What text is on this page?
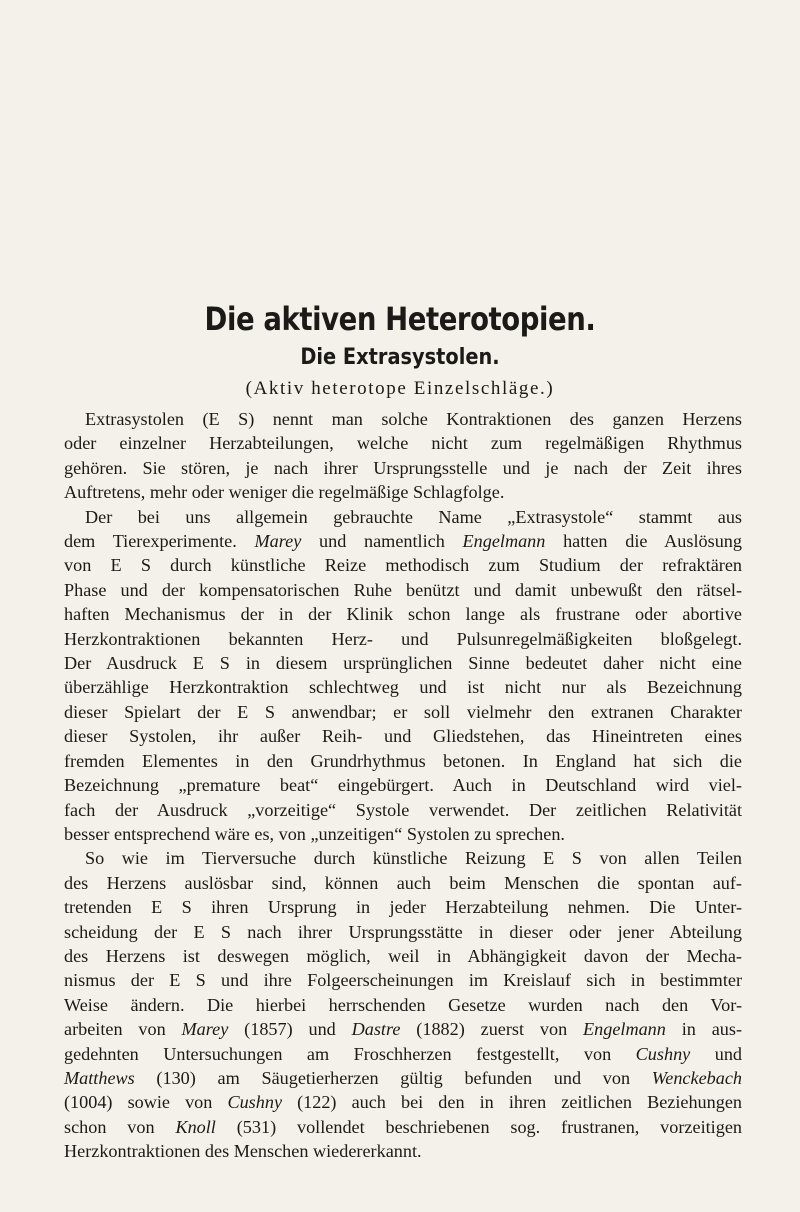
Die aktiven Heterotopien.
Die Extrasystolen.
(Aktiv heterotope Einzelschläge.)
Extrasystolen (E S) nennt man solche Kontraktionen des ganzen Herzens
oder einzelner Herzabteilungen, welche nicht zum regelmäßigen Rhythmus
gehören. Sie stören, je nach ihrer Ursprungsstelle und je nach der Zeit ihres
Auftretens, mehr oder weniger die regelmäßige Schlagfolge.
Der bei uns allgemein gebrauchte Name „Extrasystole“ stammt aus
dem Tierexperimente. Marey und namentlich Engelmann hatten die Auslösung
von E S durch künstliche Reize methodisch zum Studium der refraktären
Phase und der kompensatorischen Ruhe benützt und damit unbewußt den rätsel-
haften Mechanismus der in der Klinik schon lange als frustrane oder abortive
Herzkontraktionen bekannten Herz- und Pulsunregelmäßigkeiten bloßgelegt.
Der Ausdruck E S in diesem ursprünglichen Sinne bedeutet daher nicht eine
überzählige Herzkontraktion schlechtweg und ist nicht nur als Bezeichnung
dieser Spielart der E S anwendbar; er soll vielmehr den extranen Charakter
dieser Systolen, ihr außer Reih- und Gliedstehen, das Hineintreten eines
fremden Elementes in den Grundrhythmus betonen. In England hat sich die
Bezeichnung „premature beat“ eingebürgert. Auch in Deutschland wird viel-
fach der Ausdruck „vorzeitige“ Systole verwendet. Der zeitlichen Relativität
besser entsprechend wäre es, von „unzeitigen“ Systolen zu sprechen.
So wie im Tierversuche durch künstliche Reizung E S von allen Teilen
des Herzens auslösbar sind, können auch beim Menschen die spontan auf-
tretenden E S ihren Ursprung in jeder Herzabteilung nehmen. Die Unter-
scheidung der E S nach ihrer Ursprungsstätte in dieser oder jener Abteilung
des Herzens ist deswegen möglich, weil in Abhängigkeit davon der Mecha-
nismus der E S und ihre Folgeerscheinungen im Kreislauf sich in bestimmter
Weise ändern. Die hierbei herrschenden Gesetze wurden nach den Vor-
arbeiten von Marey (1857) und Dastre (1882) zuerst von Engelmann in aus-
gedehnten Untersuchungen am Froschherzen festgestellt, von Cushny und
Matthews (130) am Säugetierherzen gültig befunden und von Wenckebach
(1004) sowie von Cushny (122) auch bei den in ihren zeitlichen Beziehungen
schon von Knoll (531) vollendet beschriebenen sog. frustranen, vorzeitigen
Herzkontraktionen des Menschen wiedererkannt.
